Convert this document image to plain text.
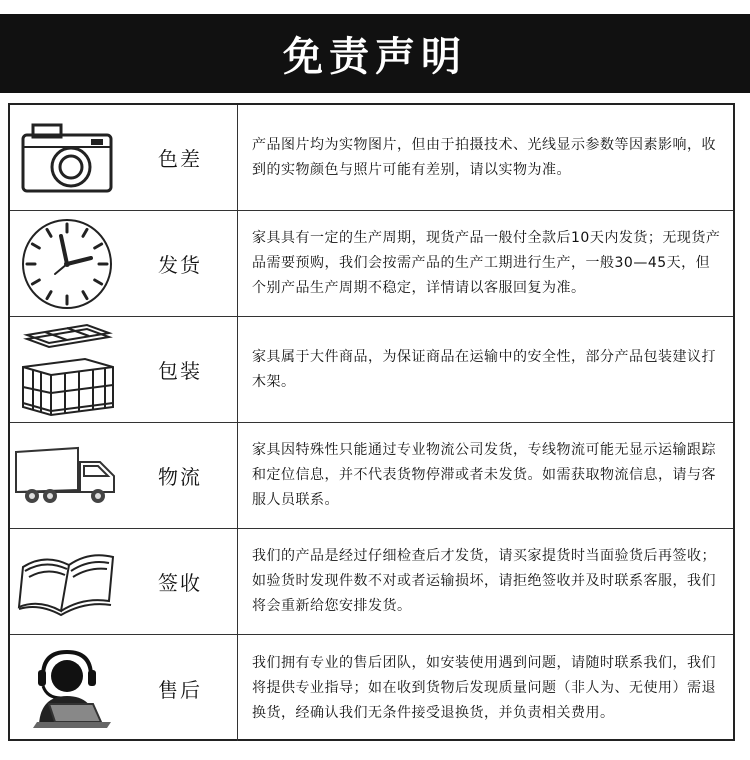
免责声明
色差
产品图片均为实物图片，但由于拍摄技术、光线显示参数等因素影响，收到的实物颜色与照片可能有差别，请以实物为准。
发货
家具具有一定的生产周期，现货产品一般付全款后10天内发货；无现货产品需要预购，我们会按需产品的生产工期进行生产，一般30—45天，但个别产品生产周期不稳定，详情请以客服回复为准。
包装
家具属于大件商品，为保证商品在运输中的安全性，部分产品包装建议打木架。
物流
家具因特殊性只能通过专业物流公司发货，专线物流可能无显示运输跟踪和定位信息，并不代表货物停滞或者未发货。如需获取物流信息，请与客服人员联系。
签收
我们的产品是经过仔细检查后才发货，请买家提货时当面验货后再签收；如验货时发现件数不对或者运输损坏，请拒绝签收并及时联系客服，我们将会重新给您安排发货。
售后
我们拥有专业的售后团队，如安装使用遇到问题，请随时联系我们，我们将提供专业指导；如在收到货物后发现质量问题（非人为、无使用）需退换货，经确认我们无条件接受退换货，并负责相关费用。
